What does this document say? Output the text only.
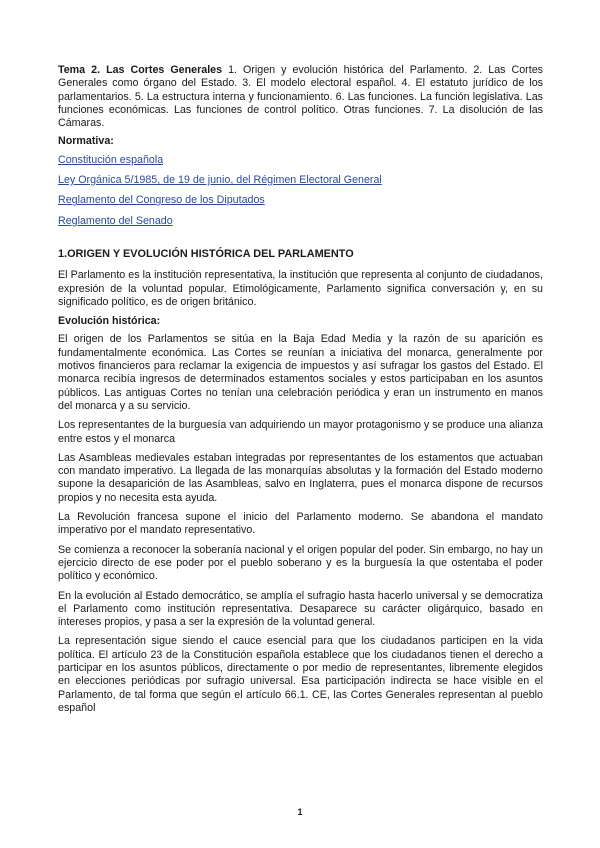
Tema 2. Las Cortes Generales 1. Origen y evolución histórica del Parlamento. 2. Las Cortes Generales como órgano del Estado. 3. El modelo electoral español. 4. El estatuto jurídico de los parlamentarios. 5. La estructura interna y funcionamiento. 6. Las funciones. La función legislativa. Las funciones económicas. Las funciones de control político. Otras funciones. 7. La disolución de las Cámaras.

Normativa:

Constitución española
Ley Orgánica 5/1985, de 19 de junio, del Régimen Electoral General
Reglamento del Congreso de los Diputados
Reglamento del Senado

1.ORIGEN Y EVOLUCIÓN HISTÓRICA DEL PARLAMENTO

El Parlamento es la institución representativa, la institución que representa al conjunto de ciudadanos, expresión de la voluntad popular. Etimológicamente, Parlamento significa conversación y, en su significado político, es de origen británico.

Evolución histórica:

El origen de los Parlamentos se sitúa en la Baja Edad Media y la razón de su aparición es fundamentalmente económica. Las Cortes se reunían a iniciativa del monarca, generalmente por motivos financieros para reclamar la exigencia de impuestos y así sufragar los gastos del Estado. El monarca recibía ingresos de determinados estamentos sociales y estos participaban en los asuntos públicos. Las antiguas Cortes no tenían una celebración periódica y eran un instrumento en manos del monarca y a su servicio.

Los representantes de la burguesía van adquiriendo un mayor protagonismo y se produce una alianza entre estos y el monarca

Las Asambleas medievales estaban integradas por representantes de los estamentos que actuaban con mandato imperativo. La llegada de las monarquías absolutas y la formación del Estado moderno supone la desaparición de las Asambleas, salvo en Inglaterra, pues el monarca dispone de recursos propios y no necesita esta ayuda.

La Revolución francesa supone el inicio del Parlamento moderno. Se abandona el mandato imperativo por el mandato representativo.

Se comienza a reconocer la soberanía nacional y el origen popular del poder. Sin embargo, no hay un ejercicio directo de ese poder por el pueblo soberano y es la burguesía la que ostentaba el poder político y económico.

En la evolución al Estado democrático, se amplía el sufragio hasta hacerlo universal y se democratiza el Parlamento como institución representativa. Desaparece su carácter oligárquico, basado en intereses propios, y pasa a ser la expresión de la voluntad general.

La representación sigue siendo el cauce esencial para que los ciudadanos participen en la vida política. El artículo 23 de la Constitución española establece que los ciudadanos tienen el derecho a participar en los asuntos públicos, directamente o por medio de representantes, libremente elegidos en elecciones periódicas por sufragio universal. Esa participación indirecta se hace visible en el Parlamento, de tal forma que según el artículo 66.1. CE, las Cortes Generales representan al pueblo español

1
